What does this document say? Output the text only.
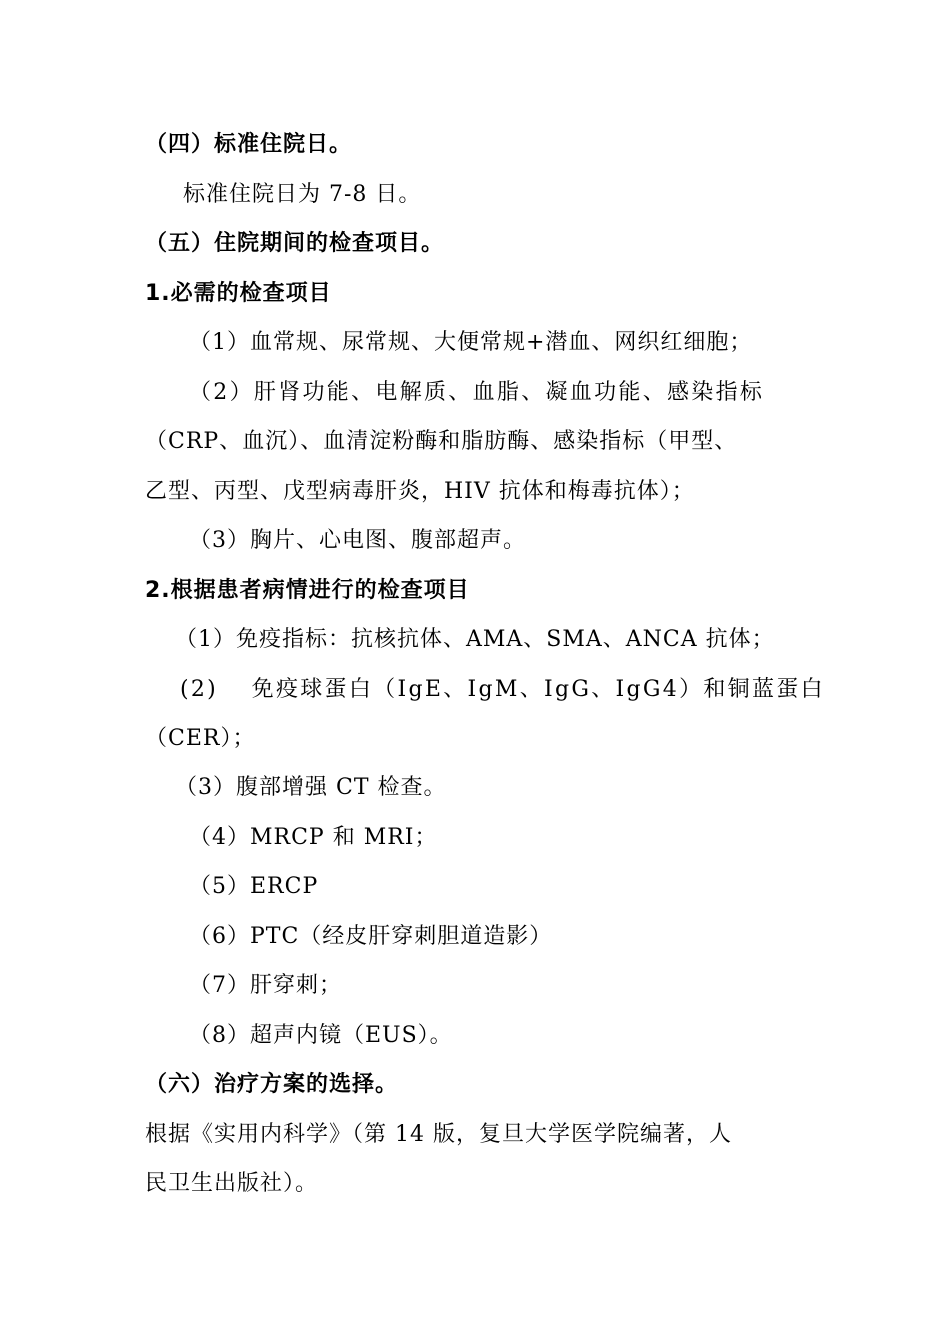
（四）标准住院日。
标准住院日为 7-8 日。
（五）住院期间的检查项目。
1.必需的检查项目
（1）血常规、尿常规、大便常规+潜血、网织红细胞；
（2）肝肾功能、电解质、血脂、凝血功能、感染指标
（CRP、血沉）、血清淀粉酶和脂肪酶、感染指标（甲型、
乙型、丙型、戊型病毒肝炎，HIV 抗体和梅毒抗体）；
（3）胸片、心电图、腹部超声。
2.根据患者病情进行的检查项目
（1）免疫指标：抗核抗体、AMA、SMA、ANCA 抗体；
(2)　 免疫球蛋白（IgE、IgM、IgG、IgG4）和铜蓝蛋白
（CER）；
（3）腹部增强 CT 检查。
（4）MRCP 和 MRI；
（5）ERCP
（6）PTC（经皮肝穿刺胆道造影）
（7）肝穿刺；
（8）超声内镜（EUS）。
（六）治疗方案的选择。
根据《实用内科学》（第 14 版，复旦大学医学院编著，人
民卫生出版社）。
